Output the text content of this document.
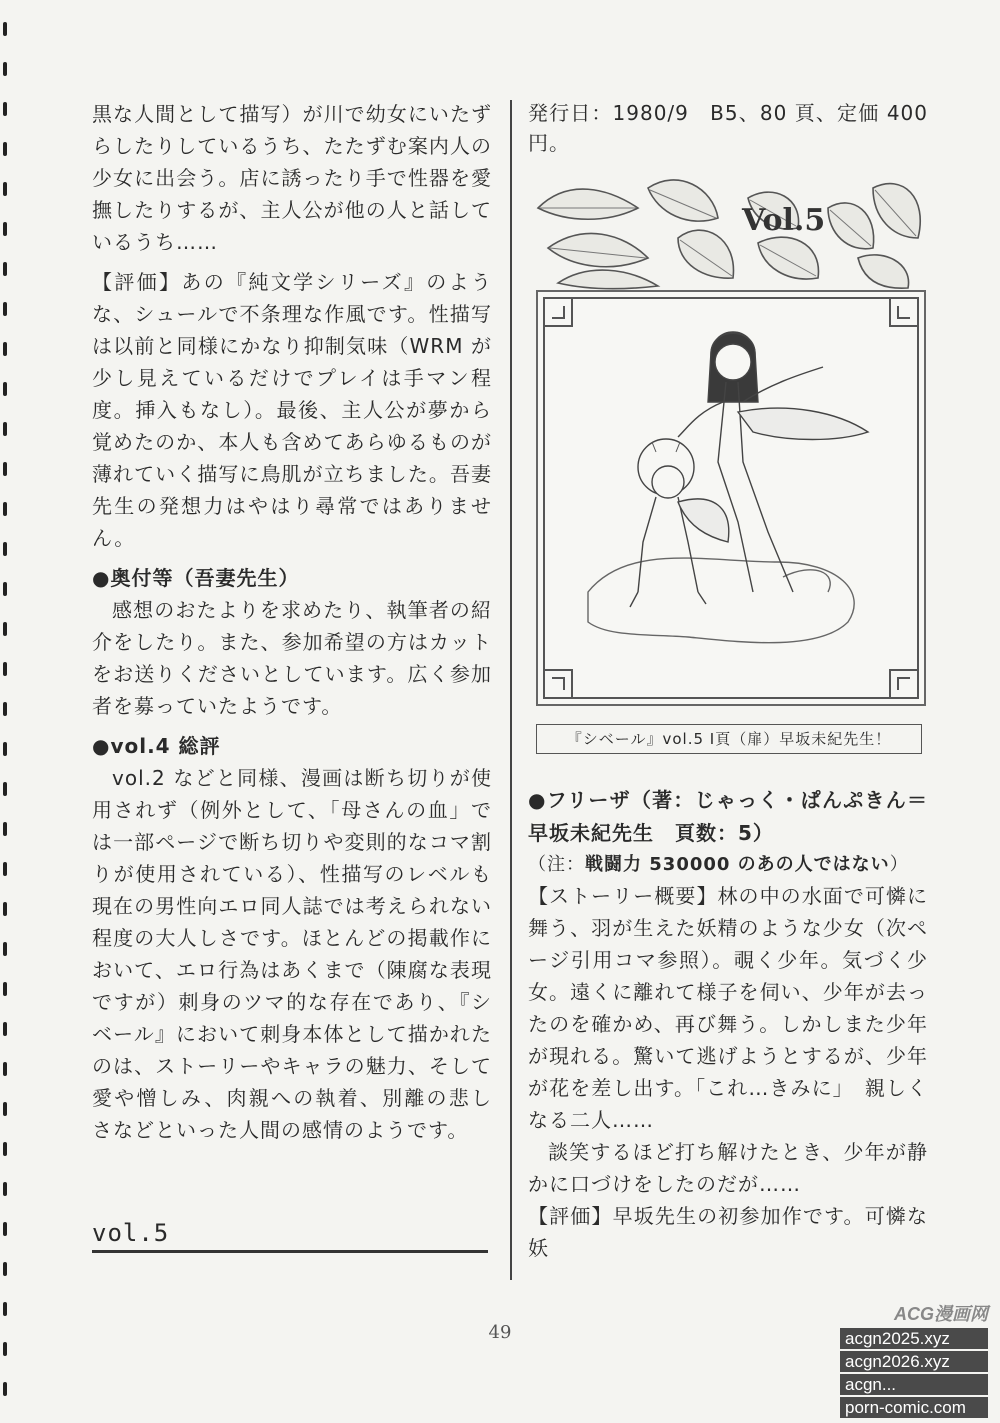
黒な人間として描写）が川で幼女にいたずらしたりしているうち、たたずむ案内人の少女に出会う。店に誘ったり手で性器を愛撫したりするが、主人公が他の人と話しているうち……

【評価】あの『純文学シリーズ』のような、シュールで不条理な作風です。性描写は以前と同様にかなり抑制気味（WRM が少し見えているだけでプレイは手マン程度。挿入もなし）。最後、主人公が夢から覚めたのか、本人も含めてあらゆるものが薄れていく描写に鳥肌が立ちました。吾妻先生の発想力はやはり尋常ではありません。

●奥付等（吾妻先生）

感想のおたよりを求めたり、執筆者の紹介をしたり。また、参加希望の方はカットをお送りくださいとしています。広く参加者を募っていたようです。

●vol.4 総評

vol.2 などと同様、漫画は断ち切りが使用されず（例外として、「母さんの血」では一部ページで断ち切りや変則的なコマ割りが使用されている）、性描写のレベルも現在の男性向エロ同人誌では考えられない程度の大人しさです。ほとんどの掲載作において、エロ行為はあくまで（陳腐な表現ですが）刺身のツマ的な存在であり、『シベール』において刺身本体として描かれたのは、ストーリーやキャラの魅力、そして愛や憎しみ、肉親への執着、別離の悲しさなどといった人間の感情のようです。

vol.5

発行日：1980/9　B5、80 頁、定価 400 円。

Vol.5
『シベール』vol.5 Ⅰ頁（扉）早坂未紀先生！

●フリーザ（著：じゃっく・ぱんぷきん＝早坂未紀先生　頁数：5）

（注：戦闘力 530000 のあの人ではない）

【ストーリー概要】林の中の水面で可憐に舞う、羽が生えた妖精のような少女（次ページ引用コマ参照）。覗く少年。気づく少女。遠くに離れて様子を伺い、少年が去ったのを確かめ、再び舞う。しかしまた少年が現れる。驚いて逃げようとするが、少年が花を差し出す。「これ…きみに」　親しくなる二人……

談笑するほど打ち解けたとき、少年が静かに口づけをしたのだが……

【評価】早坂先生の初参加作です。可憐な妖

49
ACG漫画网
acgn2025.xyz
acgn2026.xyz
acgn...
porn-comic.com
